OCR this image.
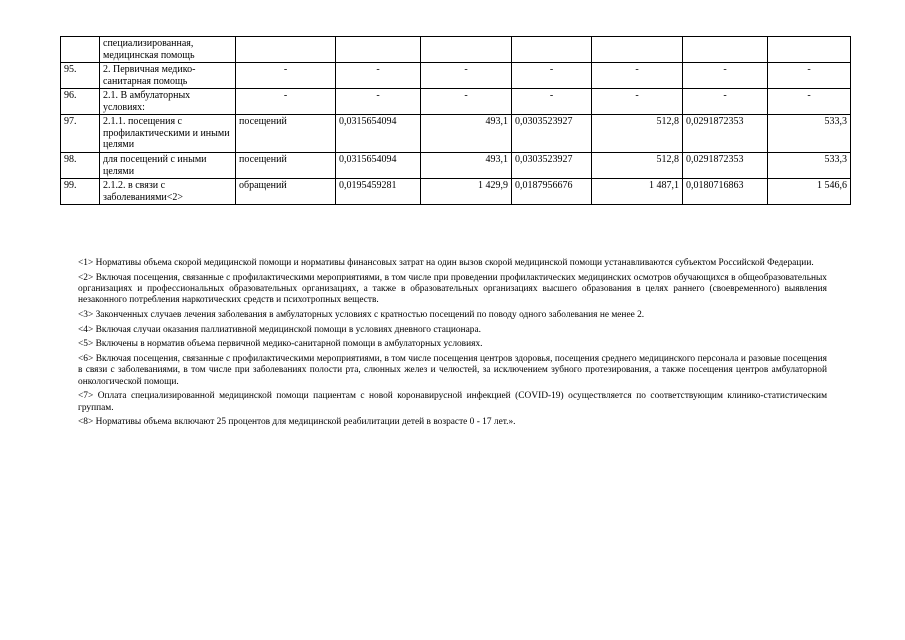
	специализированная, медицинская помощь							
95.	2. Первичная медико-санитарная помощь	-	-	-	-	-	-	-
96.	2.1. В амбулаторных условиях:	-	-	-	-	-	-	-
97.	2.1.1. посещения с профилактическими и иными целями	посещений	0,0315654094	493,1	0,0303523927	512,8	0,0291872353	533,3
98.	для посещений с иными целями	посещений	0,0315654094	493,1	0,0303523927	512,8	0,0291872353	533,3
99.	2.1.2. в связи с заболеваниями<2>	обращений	0,0195459281	1 429,9	0,0187956676	1 487,1	0,0180716863	1 546,6

<1> Нормативы объема скорой медицинской помощи и нормативы финансовых затрат на один вызов скорой медицинской помощи устанавливаются субъектом Российской Федерации.

<2> Включая посещения, связанные с профилактическими мероприятиями, в том числе при проведении профилактических медицинских осмотров обучающихся в общеобразовательных организациях и профессиональных образовательных организациях, а также в образовательных организациях высшего образования в целях раннего (своевременного) выявления незаконного потребления наркотических средств и психотропных веществ.

<3> Законченных случаев лечения заболевания в амбулаторных условиях с кратностью посещений по поводу одного заболевания не менее 2.

<4> Включая случаи оказания паллиативной медицинской помощи в условиях дневного стационара.

<5> Включены в норматив объема первичной медико-санитарной помощи в амбулаторных условиях.

<6> Включая посещения, связанные с профилактическими мероприятиями, в том числе посещения центров здоровья, посещения среднего медицинского персонала и разовые посещения в связи с заболеваниями, в том числе при заболеваниях полости рта, слюнных желез и челюстей, за исключением зубного протезирования, а также посещения центров амбулаторной онкологической помощи.

<7> Оплата специализированной медицинской помощи пациентам с новой коронавирусной инфекцией (COVID-19) осуществляется по соответствующим клинико-статистическим группам.

<8> Нормативы объема включают 25 процентов для медицинской реабилитации детей в возрасте 0 - 17 лет.».
